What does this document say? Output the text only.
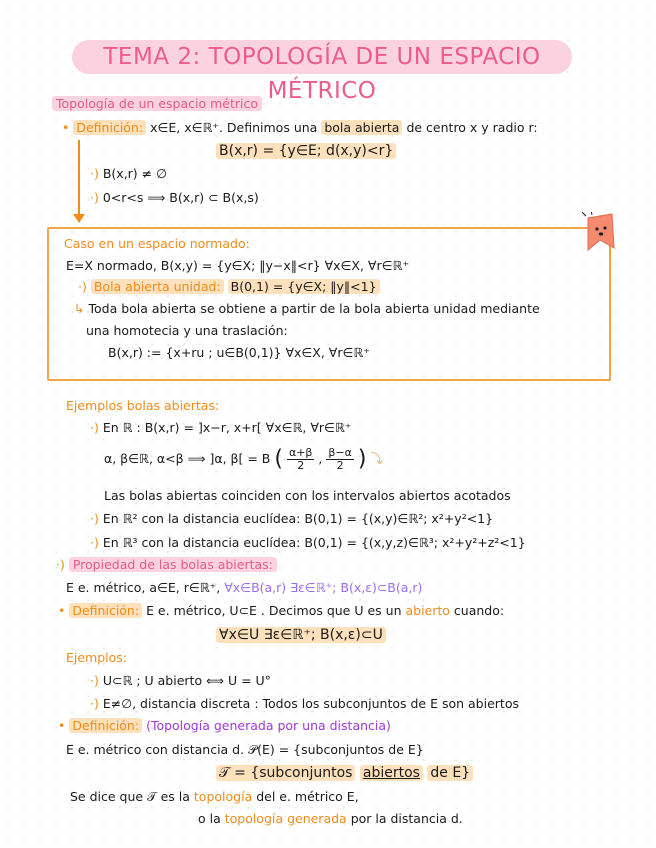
TEMA 2: TOPOLOGÍA DE UN ESPACIO MÉTRICO
Topología de un espacio métrico
• Definición: x∈E, x∈ℝ⁺. Definimos una bola abierta de centro x y radio r:
B(x,r) = {y∈E; d(x,y)<r}
·) B(x,r) ≠ ∅
·) 0<r<s ⟹ B(x,r) ⊂ B(x,s)
Caso en un espacio normado:
E=X normado, B(x,y) = {y∈X; ‖y−x‖<r} ∀x∈X, ∀r∈ℝ⁺
·) Bola abierta unidad: B(0,1) = {y∈X; ‖y‖<1}
↳ Toda bola abierta se obtiene a partir de la bola abierta unidad mediante
una homotecia y una traslación:
B(x,r) := {x+ru ; u∈B(0,1)} ∀x∈X, ∀r∈ℝ⁺
Ejemplos bolas abiertas:
·) En ℝ : B(x,r) = ]x−r, x+r[ ∀x∈ℝ, ∀r∈ℝ⁺
α, β∈ℝ, α<β ⟹ ]α, β[ = B ( $\frac{\alpha+\beta}{2}$ , $\frac{\beta-\alpha}{2}$ ) ⤵
Las bolas abiertas coinciden con los intervalos abiertos acotados
·) En ℝ² con la distancia euclídea: B(0,1) = {(x,y)∈ℝ²; x²+y²<1}
·) En ℝ³ con la distancia euclídea: B(0,1) = {(x,y,z)∈ℝ³; x²+y²+z²<1}
·) Propiedad de las bolas abiertas:
E e. métrico, a∈E, r∈ℝ⁺, ∀x∈B(a,r) ∃ε∈ℝ⁺; B(x,ε)⊂B(a,r)
• Definición: E e. métrico, U⊂E . Decimos que U es un abierto cuando:
∀x∈U ∃ε∈ℝ⁺; B(x,ε)⊂U
Ejemplos:
·) U⊂ℝ ; U abierto ⟺ U = U°
·) E≠∅, distancia discreta : Todos los subconjuntos de E son abiertos
• Definición: (Topología generada por una distancia)
E e. métrico con distancia d. 𝒫(E) = {subconjuntos de E}
𝒯 = {subconjuntos abiertos de E}
Se dice que 𝒯 es la topología del e. métrico E,
o la topología generada por la distancia d.
